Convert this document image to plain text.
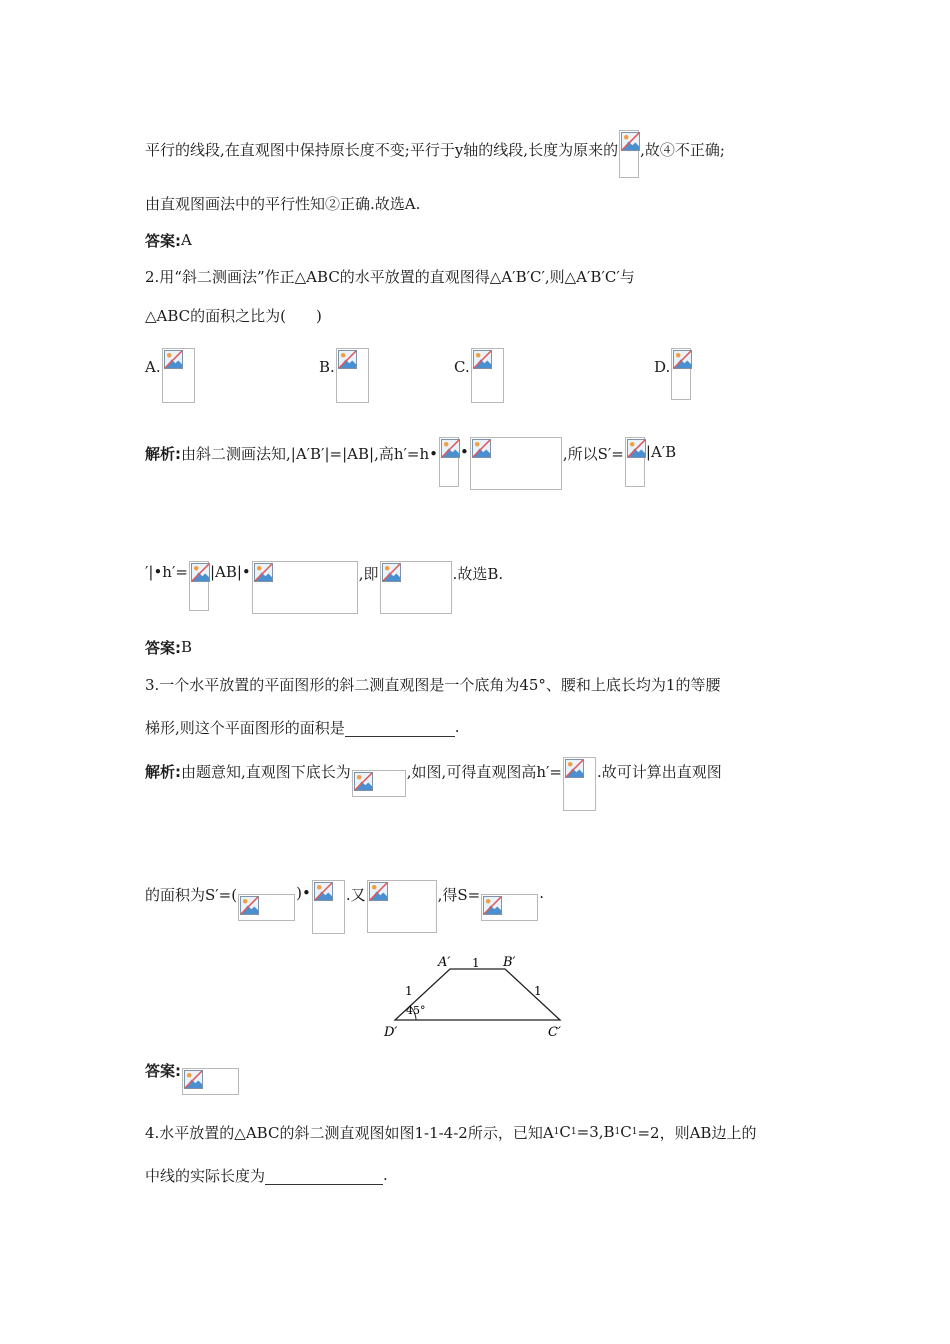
平行的线段,在直观图中保持原长度不变;平行于y轴的线段,长度为原来的 ,故④不正确;
由直观图画法中的平行性知②正确.故选A.
答案: A
2.用“斜二测画法”作正△ABC的水平放置的直观图得△A′B′C′,则△A′B′C′与
△ABC的面积之比为(　　)
A.	B.	C.	D.
解析: 由斜二测画法知,|A′B′|=|AB|,高h′=h• •	,所以S′= |A′B
′|•h′= |AB|•	,即	.故选B.
答案: B
3.一个水平放置的平面图形的斜二测直观图是一个底角为45°、腰和上底长均为1的等腰
梯形,则这个平面图形的面积是	.
解析: 由题意知,直观图下底长为	,如图,可得直观图高h′= .故可计算出直观图
的面积为S′=(	)• .又	,得S=	.
A′	B′
C′
D′
1
1	1
45°
答案:
4.水平放置的△ABC的斜二测直观图如图1-1-4-2所示，已知A 1 C 1 =3,B 1 C 1 =2，则AB边上的
中线的实际长度为	.
